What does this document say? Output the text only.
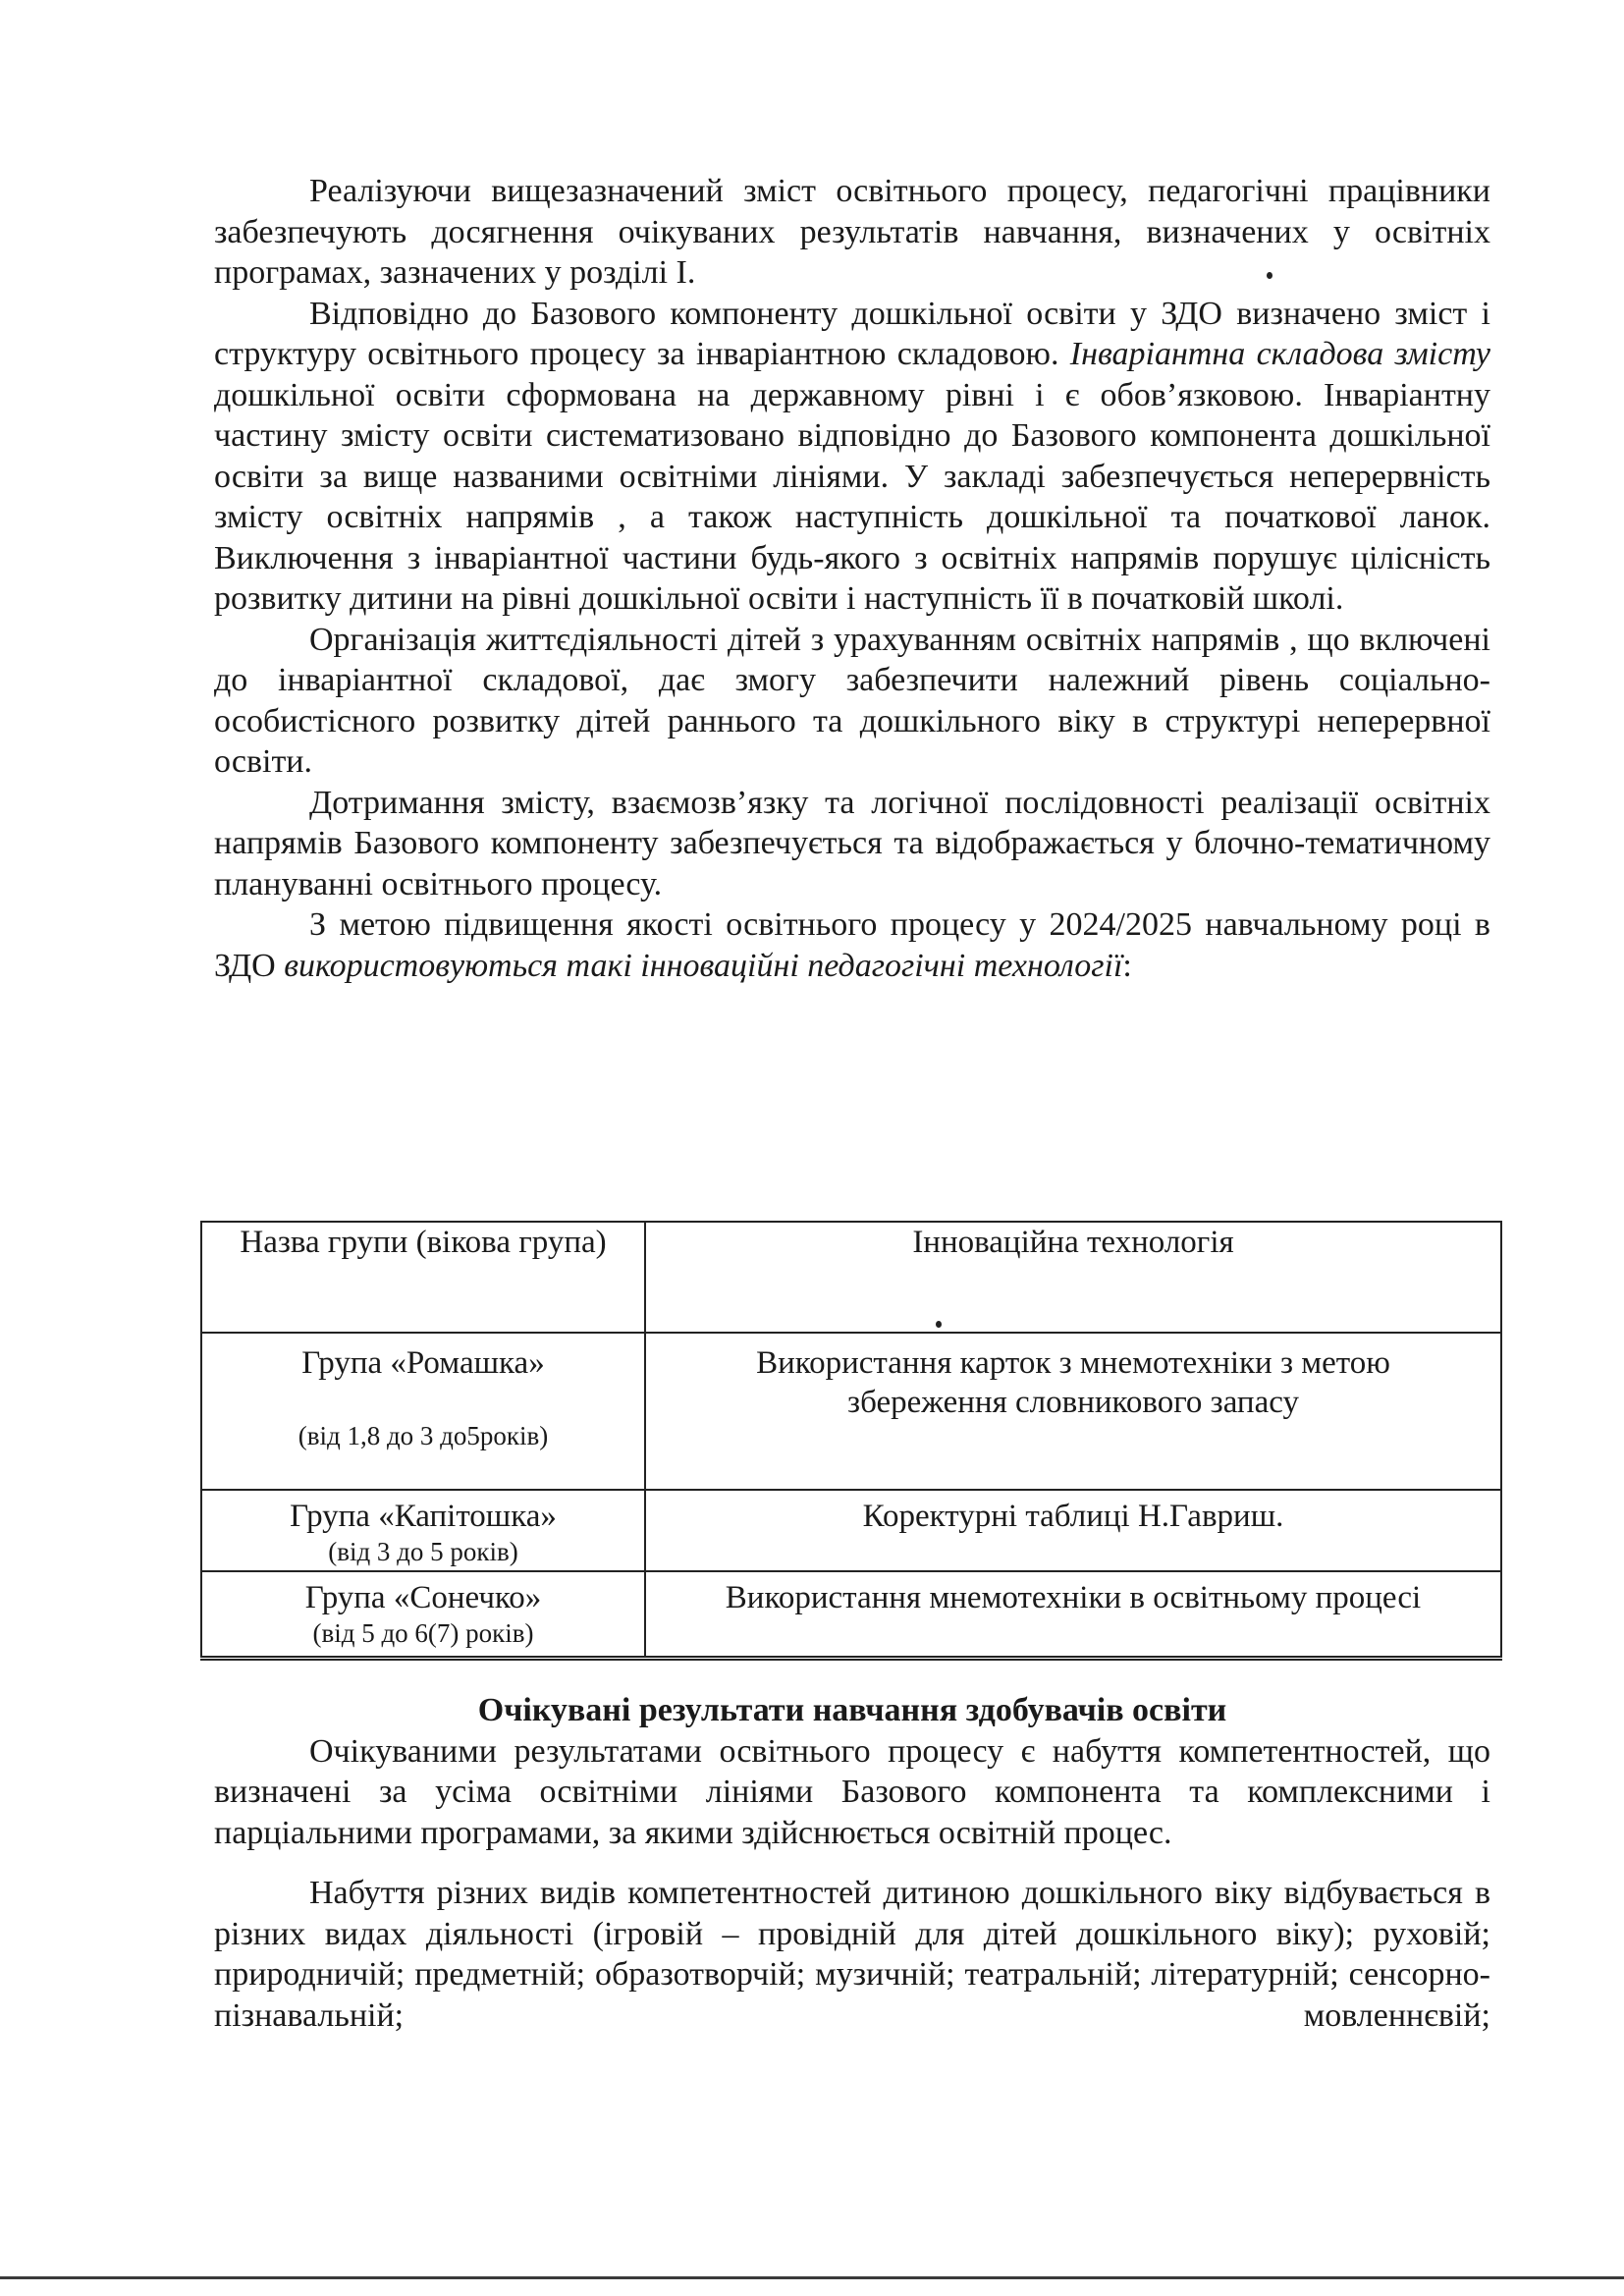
Реалізуючи вищезазначений зміст освітнього процесу, педагогічні працівники забезпечують досягнення очікуваних результатів навчання, визначених у освітніх програмах, зазначених у розділі І.

Відповідно до Базового компоненту дошкільної освіти у ЗДО визначено зміст і структуру освітнього процесу за інваріантною складовою. Інваріантна складова змісту дошкільної освіти сформована на державному рівні і є обов’язковою. Інваріантну частину змісту освіти систематизовано відповідно до Базового компонента дошкільної освіти за вище названими освітніми лініями. У закладі забезпечується неперервність змісту освітніх напрямів , а також наступність дошкільної та початкової ланок. Виключення з інваріантної частини будь-якого з освітніх напрямів порушує цілісність розвитку дитини на рівні дошкільної освіти і наступність її в початковій школі.

Організація життєдіяльності дітей з урахуванням освітніх напрямів , що включені до інваріантної складової, дає змогу забезпечити належний рівень соціально-особистісного розвитку дітей раннього та дошкільного віку в структурі неперервної освіти.

Дотримання змісту, взаємозв’язку та логічної послідовності реалізації освітніх напрямів Базового компоненту забезпечується та відображається у блочно-тематичному плануванні освітнього процесу.

З метою підвищення якості освітнього процесу у 2024/2025 навчальному році в ЗДО використовуються такі інноваційні педагогічні технології:

Назва групи (вікова група)	Інноваційна технологія
Група «Ромашка»
(від 1,8 до 3 до5років)	Використання карток з мнемотехніки з метою збереження словникового запасу
Група «Капітошка»
(від 3 до 5 років)	Коректурні таблиці Н.Гавриш.
Група «Сонечко»
(від 5 до 6(7) років)	Використання мнемотехніки в освітньому процесі

Очікувані результати навчання здобувачів освіти

Очікуваними результатами освітнього процесу є набуття компетентностей, що визначені за усіма освітніми лініями Базового компонента та комплексними і парціальними програмами, за якими здійснюється освітній процес.

Набуття різних видів компетентностей дитиною дошкільного віку відбувається в різних видах діяльності (ігровій – провідній для дітей дошкільного віку); руховій; природничій; предметній; образотворчій; музичній; театральній; літературній; сенсорно-пізнавальній; мовленнєвій;
